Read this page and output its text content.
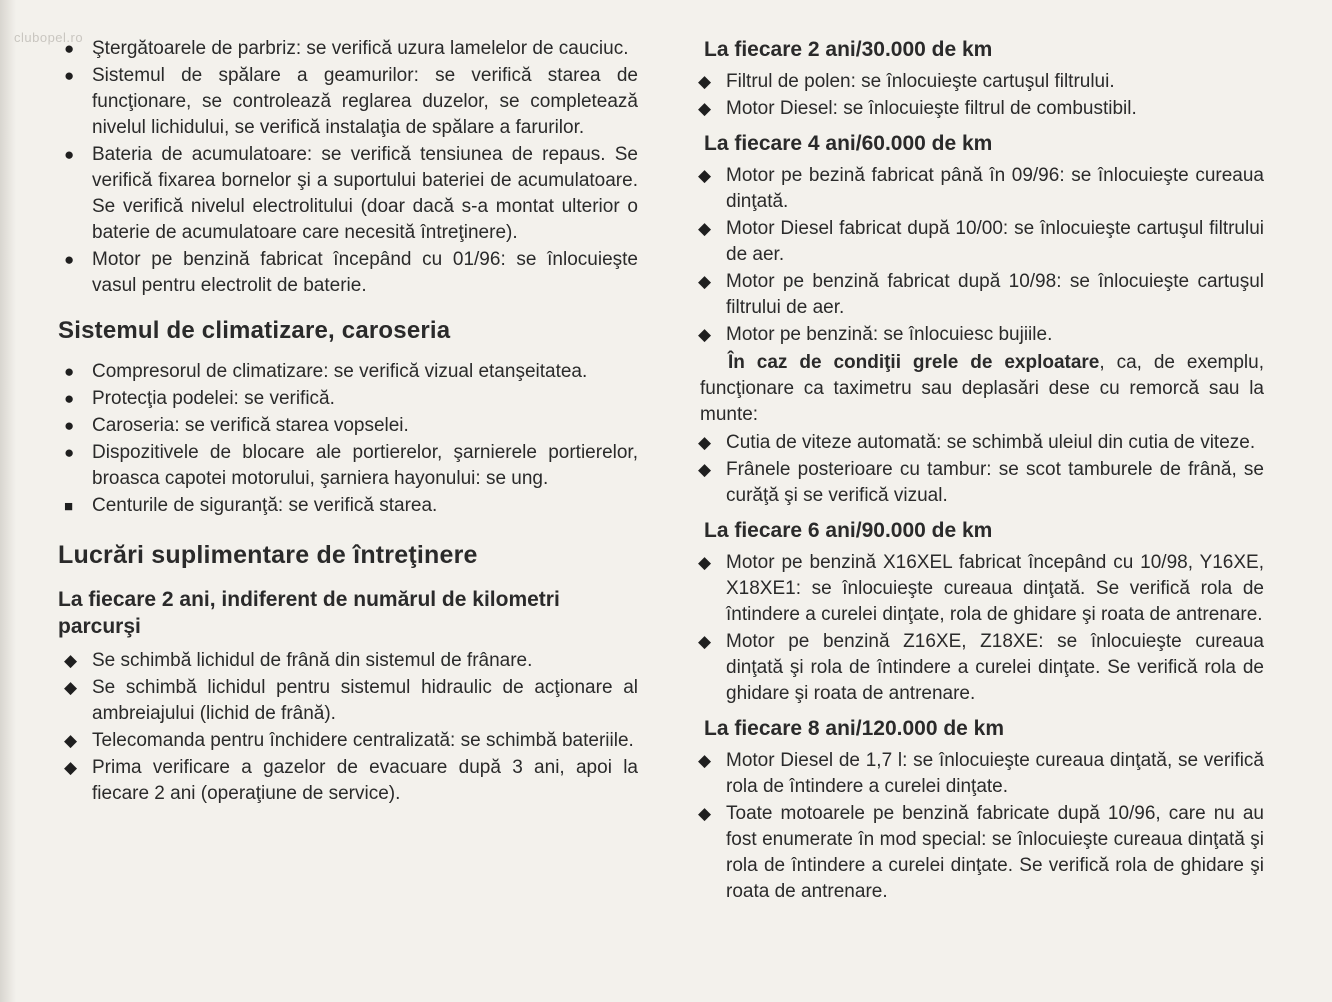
clubopel.ro
●
Ştergătoarele de parbriz: se verifică uzura lamelelor de cauciuc.
●
Sistemul de spălare a geamurilor: se verifică starea de funcţionare, se controlează reglarea duzelor, se completează nivelul lichidului, se verifică instalaţia de spălare a farurilor.
●
Bateria de acumulatoare: se verifică tensiunea de repaus. Se verifică fixarea bornelor şi a suportului bateriei de acumulatoare. Se verifică nivelul electrolitului (doar dacă s-a montat ulterior o baterie de acumulatoare care necesită întreţinere).
●
Motor pe benzină fabricat începând cu 01/96: se înlocuieşte vasul pentru electrolit de baterie.
Sistemul de climatizare, caroseria
●
Compresorul de climatizare: se verifică vizual etanşeitatea.
●
Protecţia podelei: se verifică.
●
Caroseria: se verifică starea vopselei.
●
Dispozitivele de blocare ale portierelor, şarnierele portierelor, broasca capotei motorului, şarniera hayonului: se ung.
■
Centurile de siguranţă: se verifică starea.
Lucrări suplimentare de întreţinere
La fiecare 2 ani, indiferent de numărul de kilometri parcurşi
◆
Se schimbă lichidul de frână din sistemul de frânare.
◆
Se schimbă lichidul pentru sistemul hidraulic de acţionare al ambreiajului (lichid de frână).
◆
Telecomanda pentru închidere centralizată: se schimbă bateriile.
◆
Prima verificare a gazelor de evacuare după 3 ani, apoi la fiecare 2 ani (operaţiune de service).
La fiecare 2 ani/30.000 de km
◆
Filtrul de polen: se înlocuieşte cartuşul filtrului.
◆
Motor Diesel: se înlocuieşte filtrul de combustibil.
La fiecare 4 ani/60.000 de km
◆
Motor pe bezină fabricat până în 09/96: se înlocuieşte cureaua dinţată.
◆
Motor Diesel fabricat după 10/00: se înlocuieşte cartuşul filtrului de aer.
◆
Motor pe benzină fabricat după 10/98: se înlocuieşte cartuşul filtrului de aer.
◆
Motor pe benzină: se înlocuiesc bujiile.

În caz de condiţii grele de exploatare, ca, de exemplu, funcţionare ca taximetru sau deplasări dese cu remorcă sau la munte:

◆
Cutia de viteze automată: se schimbă uleiul din cutia de viteze.
◆
Frânele posterioare cu tambur: se scot tamburele de frână, se curăţă şi se verifică vizual.
La fiecare 6 ani/90.000 de km
◆
Motor pe benzină X16XEL fabricat începând cu 10/98, Y16XE, X18XE1: se înlocuieşte cureaua dinţată. Se verifică rola de întindere a curelei dinţate, rola de ghidare şi roata de antrenare.
◆
Motor pe benzină Z16XE, Z18XE: se înlocuieşte cureaua dinţată şi rola de întindere a curelei dinţate. Se verifică rola de ghidare şi roata de antrenare.
La fiecare 8 ani/120.000 de km
◆
Motor Diesel de 1,7 l: se înlocuieşte cureaua dinţată, se verifică rola de întindere a curelei dinţate.
◆
Toate motoarele pe benzină fabricate după 10/96, care nu au fost enumerate în mod special: se înlocuieşte cureaua dinţată şi rola de întindere a curelei dinţate. Se verifică rola de ghidare şi roata de antrenare.
